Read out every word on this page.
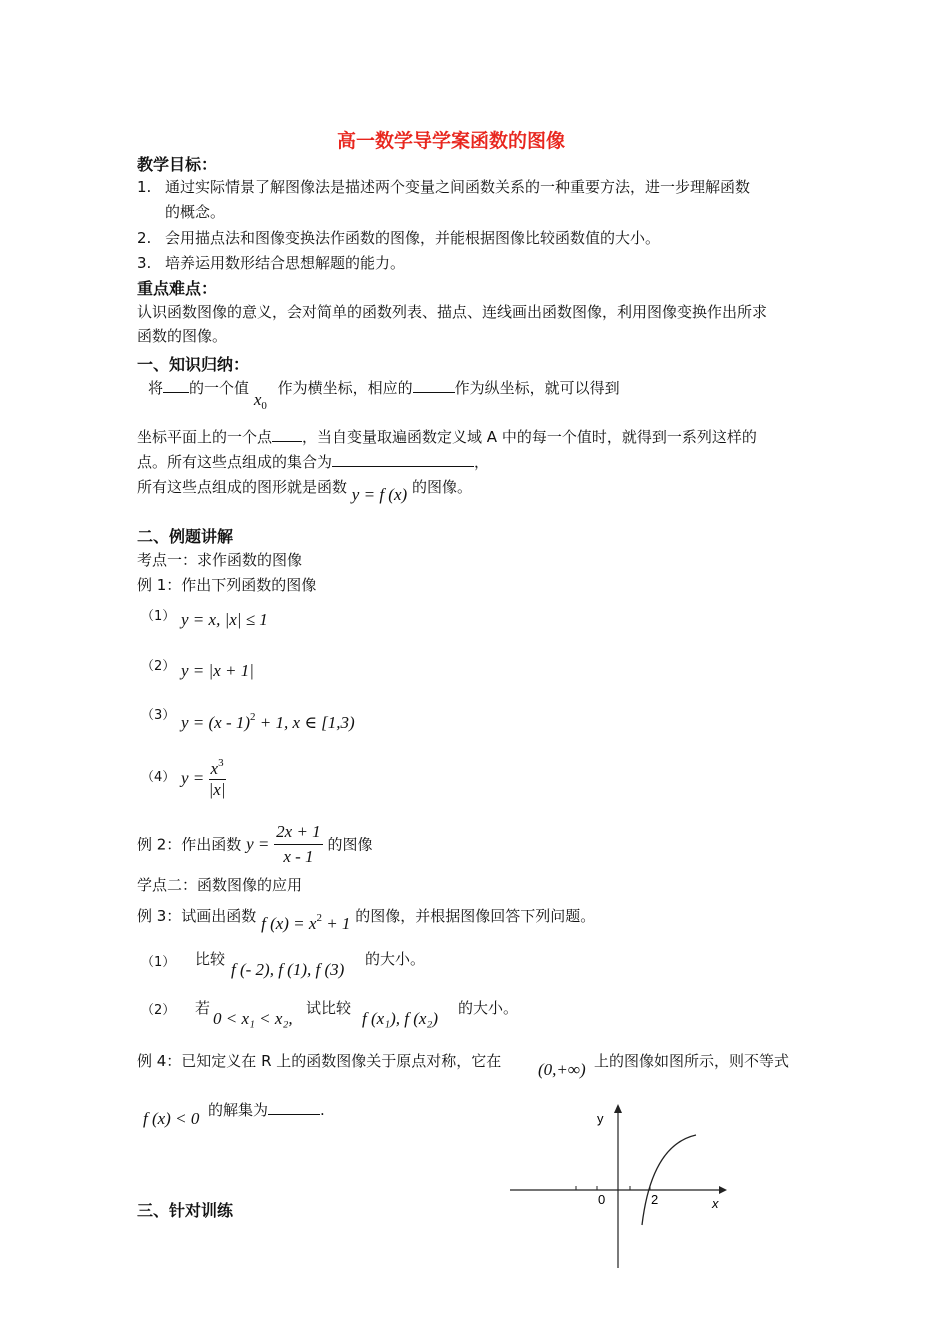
高一数学导学案函数的图像
教学目标：
1. 通过实际情景了解图像法是描述两个变量之间函数关系的一种重要方法，进一步理解函数
的概念。
2. 会用描点法和图像变换法作函数的图像，并能根据图像比较函数值的大小。
3. 培养运用数形结合思想解题的能力。
重点难点：
认识函数图像的意义，会对简单的函数列表、描点、连线画出函数图像，利用图像变换作出所求
函数的图像。
一、知识归纳：
将 的一个值 $x_0$ 作为横坐标，相应的	作为纵坐标，就可以得到
坐标平面上的一个点 ，当自变量取遍函数定义域 A 中的每一个值时，就得到一系列这样的
点。所有这些点组成的集合为	，
所有这些点组成的图形就是函数 y = f (x) 的图像。
二、例题讲解
考点一：求作函数的图像
例 1：作出下列函数的图像
（1） y = x, |x| ≤ 1
（2） y = |x + 1|
（3） y = (x - 1)$^2$ + 1, x ∈ [1,3)
（4） $y = \frac{x^3}{|x|}$
例 2：作出函数 $y = \frac{2x + 1}{x - 1}$ 的图像
学点二：函数图像的应用
例 3：试画出函数 f $(x) = x^2 + 1$ 的图像，并根据图像回答下列问题。
（1） 比较
f (- 2), f (1), f (3)
的大小。
（2） 若
0 < x₁ < x₂,
试比较
f (x₁), f (x₂)
的大小。
例 4：已知定义在 R 上的函数图像关于原点对称，它在 (0,+∞) 上的图像如图所示，则不等式
f (x) < 0 的解集为	.	y
x
0	2
三、针对训练
